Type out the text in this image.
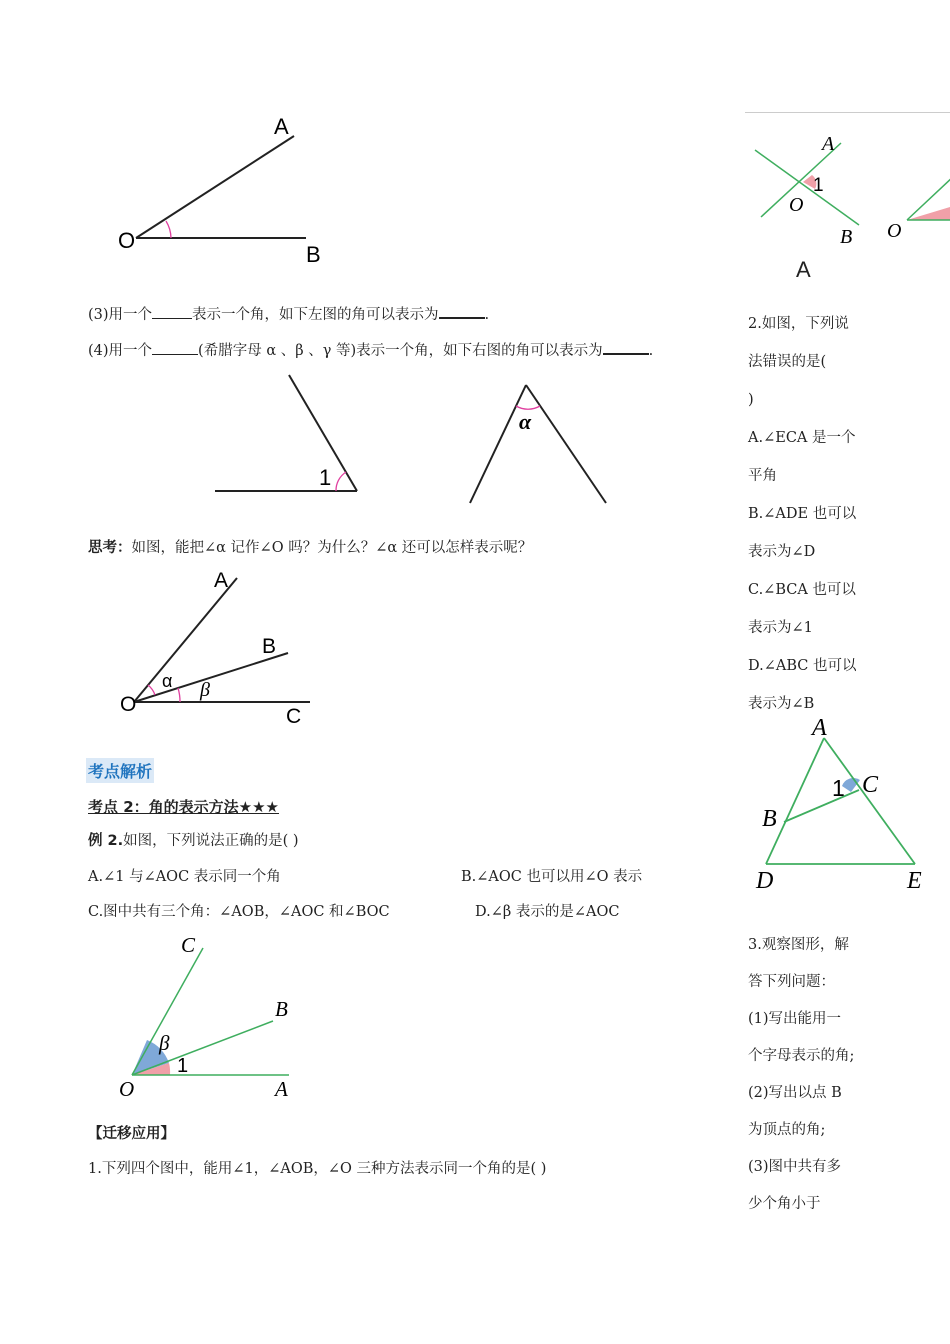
A
O
B
(3)用一个	表示一个角，如下左图的角可以表示为	.
(4)用一个	(希腊字母 α 、β 、γ 等)表示一个角，如下右图的角可以表示为	.
1
α
思考：如图，能把∠α 记作∠O 吗？为什么？∠α 还可以怎样表示呢？
A
B
C
O
α β
考点解析
考点 2：角的表示方法★★★
例 2.如图，下列说法正确的是( )
A.∠1 与∠AOC 表示同一个角	B.∠AOC 也可以用∠O 表示
C.图中共有三个角：∠AOB，∠AOC 和∠BOC	D.∠β 表示的是∠AOC
C
B
β
1
O	A
【迁移应用】
1.下列四个图中，能用∠1，∠AOB，∠O 三种方法表示同一个角的是( )
A
1
O
B O
A
2.如图，下列说
法错误的是(
)
A.∠ECA 是一个
平角
B.∠ADE 也可以
表示为∠D
C.∠BCA 也可以
表示为∠1
D.∠ABC 也可以
表示为∠B
A
1 C
B
D	E
3.观察图形，解
答下列问题：
(1)写出能用一
个字母表示的角;
(2)写出以点 B
为顶点的角;
(3)图中共有多
少个角小于
